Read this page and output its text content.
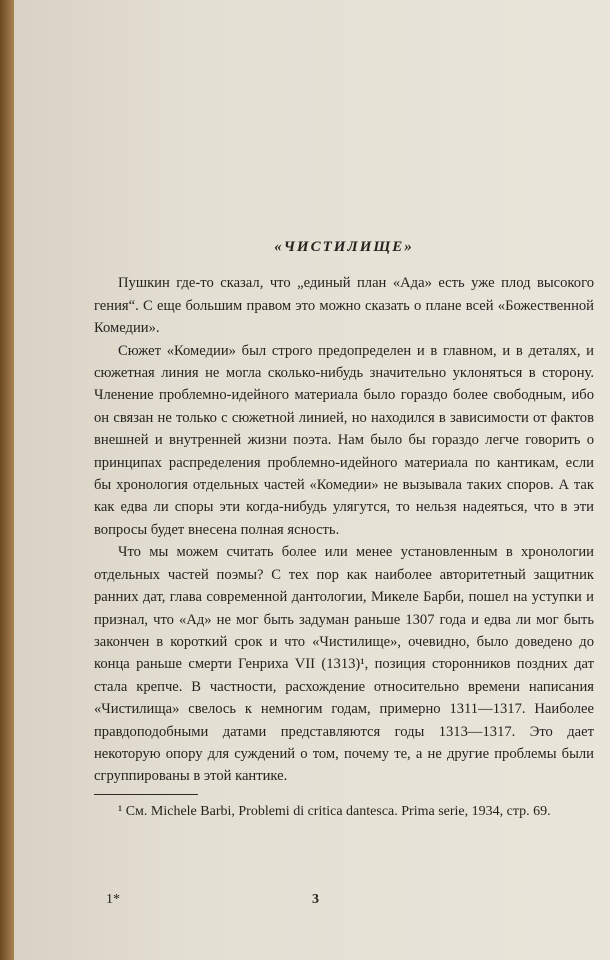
«ЧИСТИЛИЩЕ»

Пушкин где-то сказал, что „единый план «Ада» есть уже плод высокого гения“. С еще большим правом это можно сказать о плане всей «Божественной Комедии».

Сюжет «Комедии» был строго предопределен и в главном, и в деталях, и сюжетная линия не могла сколько-нибудь значительно уклоняться в сторону. Членение проблемно-идейного материала было гораздо более свободным, ибо он связан не только с сюжетной линией, но находился в зависимости от фактов внешней и внутренней жизни поэта. Нам было бы гораздо легче говорить о принципах распределения проблемно-идейного материала по кантикам, если бы хронология отдельных частей «Комедии» не вызывала таких споров. А так как едва ли споры эти когда-нибудь улягутся, то нельзя надеяться, что в эти вопросы будет внесена полная ясность.

Что мы можем считать более или менее установленным в хронологии отдельных частей поэмы? С тех пор как наиболее авторитетный защитник ранних дат, глава современной дантологии, Микеле Барби, пошел на уступки и признал, что «Ад» не мог быть задуман раньше 1307 года и едва ли мог быть закончен в короткий срок и что «Чистилище», очевидно, было доведено до конца раньше смерти Генриха VII (1313)¹, позиция сторонников поздних дат стала крепче. В частности, расхождение относительно времени написания «Чистилища» свелось к немногим годам, примерно 1311—1317. Наиболее правдоподобными датами представляются годы 1313—1317. Это дает некоторую опору для суждений о том, почему те, а не другие проблемы были сгруппированы в этой кантике.

¹ См. Michele Barbi, Problemi di critica dantesca. Prima serie, 1934, стр. 69.

1*	3
